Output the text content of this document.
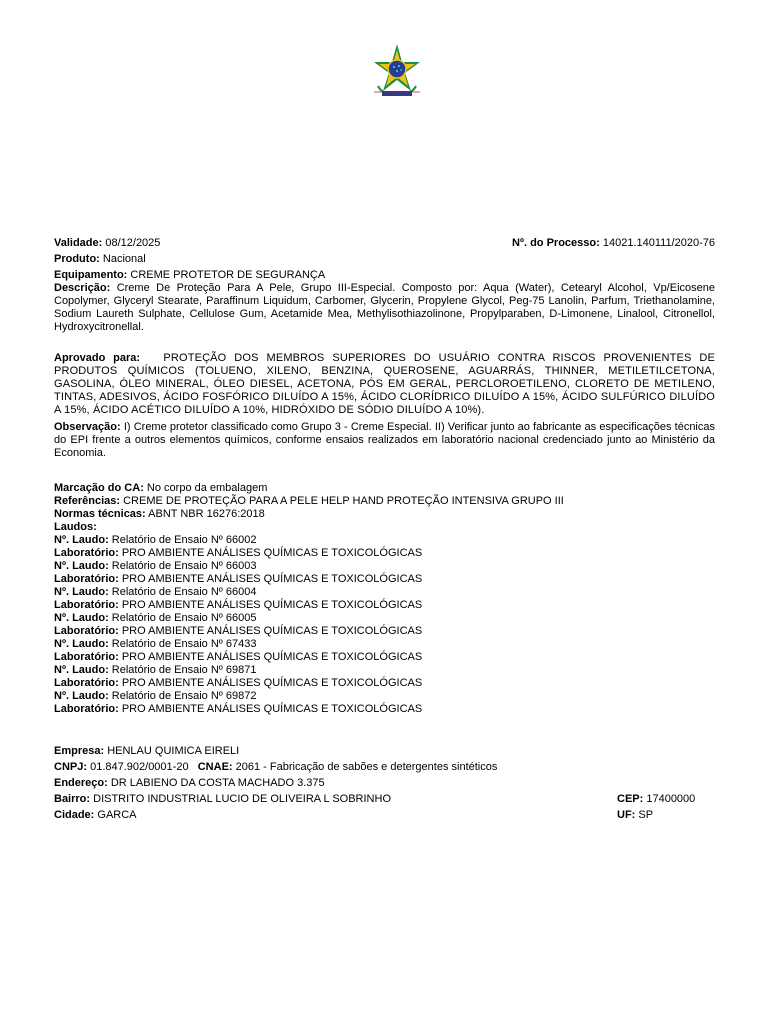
Validade: 08/12/2025	Nº. do Processo: 14021.140111/2020-76
Produto: Nacional
Equipamento: CREME PROTETOR DE SEGURANÇA
Descrição: Creme De Proteção Para A Pele, Grupo III-Especial. Composto por: Aqua (Water), Cetearyl Alcohol, Vp/Eicosene Copolymer, Glyceryl Stearate, Paraffinum Liquidum, Carbomer, Glycerin, Propylene Glycol, Peg-75 Lanolin, Parfum, Triethanolamine, Sodium Laureth Sulphate, Cellulose Gum, Acetamide Mea, Methylisothiazolinone, Propylparaben, D-Limonene, Linalool, Citronellol, Hydroxycitronellal.
Aprovado para: PROTEÇÃO DOS MEMBROS SUPERIORES DO USUÁRIO CONTRA RISCOS PROVENIENTES DE PRODUTOS QUÍMICOS (TOLUENO, XILENO, BENZINA, QUEROSENE, AGUARRÁS, THINNER, METILETILCETONA, GASOLINA, ÓLEO MINERAL, ÓLEO DIESEL, ACETONA, PÓS EM GERAL, PERCLOROETILENO, CLORETO DE METILENO, TINTAS, ADESIVOS, ÁCIDO FOSFÓRICO DILUÍDO A 15%, ÁCIDO CLORÍDRICO DILUÍDO A 15%, ÁCIDO SULFÚRICO DILUÍDO A 15%, ÁCIDO ACÉTICO DILUÍDO A 10%, HIDRÓXIDO DE SÓDIO DILUÍDO A 10%).
Observação: I) Creme protetor classificado como Grupo 3 - Creme Especial. II) Verificar junto ao fabricante as especificações técnicas do EPI frente a outros elementos químicos, conforme ensaios realizados em laboratório nacional credenciado junto ao Ministério da Economia.
Marcação do CA: No corpo da embalagem
Referências: CREME DE PROTEÇÃO PARA A PELE HELP HAND PROTEÇÃO INTENSIVA GRUPO III
Normas técnicas: ABNT NBR 16276:2018
Laudos:
Nº. Laudo: Relatório de Ensaio Nº 66002
Laboratório: PRO AMBIENTE ANÁLISES QUÍMICAS E TOXICOLÓGICAS
Nº. Laudo: Relatório de Ensaio Nº 66003
Laboratório: PRO AMBIENTE ANÁLISES QUÍMICAS E TOXICOLÓGICAS
Nº. Laudo: Relatório de Ensaio Nº 66004
Laboratório: PRO AMBIENTE ANÁLISES QUÍMICAS E TOXICOLÓGICAS
Nº. Laudo: Relatório de Ensaio Nº 66005
Laboratório: PRO AMBIENTE ANÁLISES QUÍMICAS E TOXICOLÓGICAS
Nº. Laudo: Relatório de Ensaio Nº 67433
Laboratório: PRO AMBIENTE ANÁLISES QUÍMICAS E TOXICOLÓGICAS
Nº. Laudo: Relatório de Ensaio Nº 69871
Laboratório: PRO AMBIENTE ANÁLISES QUÍMICAS E TOXICOLÓGICAS
Nº. Laudo: Relatório de Ensaio Nº 69872
Laboratório: PRO AMBIENTE ANÁLISES QUÍMICAS E TOXICOLÓGICAS
Empresa: HENLAU QUIMICA EIRELI
CNPJ: 01.847.902/0001-20 CNAE: 2061 - Fabricação de sabões e detergentes sintéticos
Endereço: DR LABIENO DA COSTA MACHADO 3.375
Bairro: DISTRITO INDUSTRIAL LUCIO DE OLIVEIRA L SOBRINHO	CEP: 17400000
Cidade: GARCA	UF: SP
